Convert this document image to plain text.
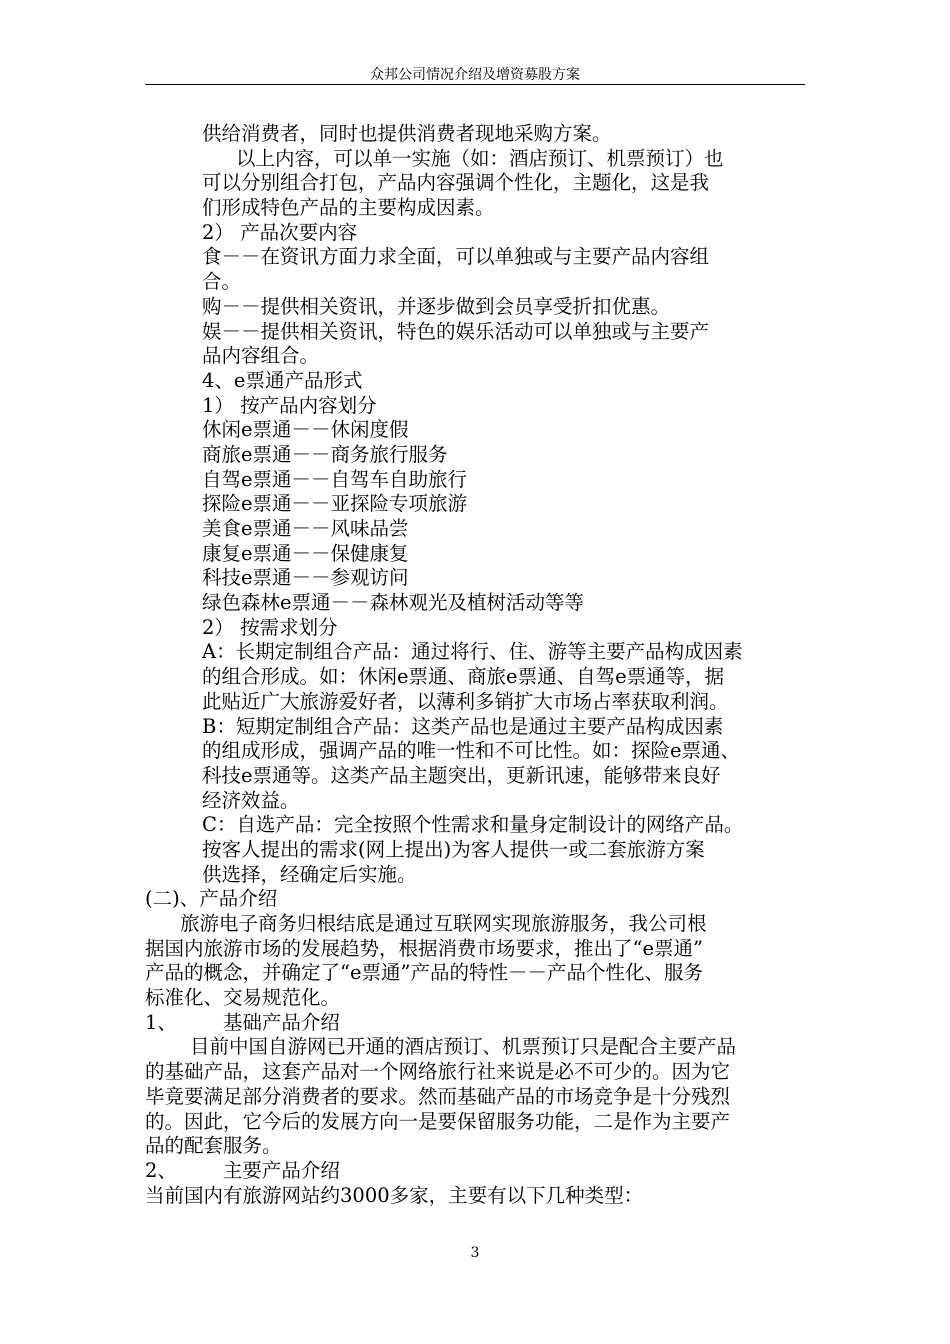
众邦公司情况介绍及增资募股方案
供给消费者，同时也提供消费者现地采购方案。
以上内容，可以单一实施（如：酒店预订、机票预订）也
可以分别组合打包，产品内容强调个性化，主题化，这是我
们形成特色产品的主要构成因素。
2） 产品次要内容
食－－在资讯方面力求全面，可以单独或与主要产品内容组
合。
购－－提供相关资讯，并逐步做到会员享受折扣优惠。
娱－－提供相关资讯，特色的娱乐活动可以单独或与主要产
品内容组合。
4、e票通产品形式
1） 按产品内容划分
休闲e票通－－休闲度假
商旅e票通－－商务旅行服务
自驾e票通－－自驾车自助旅行
探险e票通－－亚探险专项旅游
美食e票通－－风味品尝
康复e票通－－保健康复
科技e票通－－参观访问
绿色森林e票通－－森林观光及植树活动等等
2） 按需求划分
A：长期定制组合产品：通过将行、住、游等主要产品构成因素
的组合形成。如：休闲e票通、商旅e票通、自驾e票通等，据
此贴近广大旅游爱好者，以薄利多销扩大市场占率获取利润。
B：短期定制组合产品：这类产品也是通过主要产品构成因素
的组成形成，强调产品的唯一性和不可比性。如：探险e票通、
科技e票通等。这类产品主题突出，更新讯速，能够带来良好
经济效益。
C：自选产品：完全按照个性需求和量身定制设计的网络产品。
按客人提出的需求(网上提出)为客人提供一或二套旅游方案
供选择，经确定后实施。
(二)、产品介绍
旅游电子商务归根结底是通过互联网实现旅游服务，我公司根
据国内旅游市场的发展趋势，根据消费市场要求，推出了“e票通”
产品的概念，并确定了“e票通”产品的特性－－产品个性化、服务
标准化、交易规范化。
1、 基础产品介绍
目前中国自游网已开通的酒店预订、机票预订只是配合主要产品
的基础产品，这套产品对一个网络旅行社来说是必不可少的。因为它
毕竟要满足部分消费者的要求。然而基础产品的市场竞争是十分残烈
的。因此，它今后的发展方向一是要保留服务功能，二是作为主要产
品的配套服务。
2、 主要产品介绍
当前国内有旅游网站约3000多家，主要有以下几种类型：
3
